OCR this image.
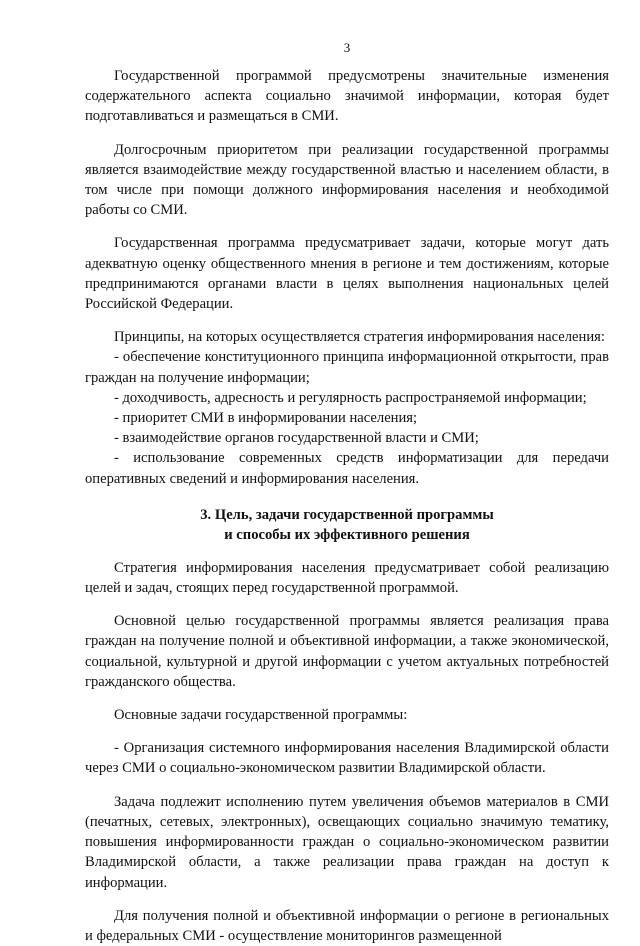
3

Государственной программой предусмотрены значительные изменения содержательного аспекта социально значимой информации, которая будет подготавливаться и размещаться в СМИ.

Долгосрочным приоритетом при реализации государственной программы является взаимодействие между государственной властью и населением области, в том числе при помощи должного информирования населения и необходимой работы со СМИ.

Государственная программа предусматривает задачи, которые могут дать адекватную оценку общественного мнения в регионе и тем достижениям, которые предпринимаются органами власти в целях выполнения национальных целей Российской Федерации.

Принципы, на которых осуществляется стратегия информирования населения:

- обеспечение конституционного принципа информационной открытости, прав граждан на получение информации;

- доходчивость, адресность и регулярность распространяемой информации;

- приоритет СМИ в информировании населения;

- взаимодействие органов государственной власти и СМИ;

- использование современных средств информатизации для передачи оперативных сведений и информирования населения.

3. Цель, задачи государственной программы
и способы их эффективного решения

Стратегия информирования населения предусматривает собой реализацию целей и задач, стоящих перед государственной программой.

Основной целью государственной программы является реализация права граждан на получение полной и объективной информации, а также экономической, социальной, культурной и другой информации с учетом актуальных потребностей гражданского общества.

Основные задачи государственной программы:

- Организация системного информирования населения Владимирской области через СМИ о социально-экономическом развитии Владимирской области.

Задача подлежит исполнению путем увеличения объемов материалов в СМИ (печатных, сетевых, электронных), освещающих социально значимую тематику, повышения информированности граждан о социально-экономическом развитии Владимирской области, а также реализации права граждан на доступ к информации.

Для получения полной и объективной информации о регионе в региональных и федеральных СМИ - осуществление мониторингов размещенной
